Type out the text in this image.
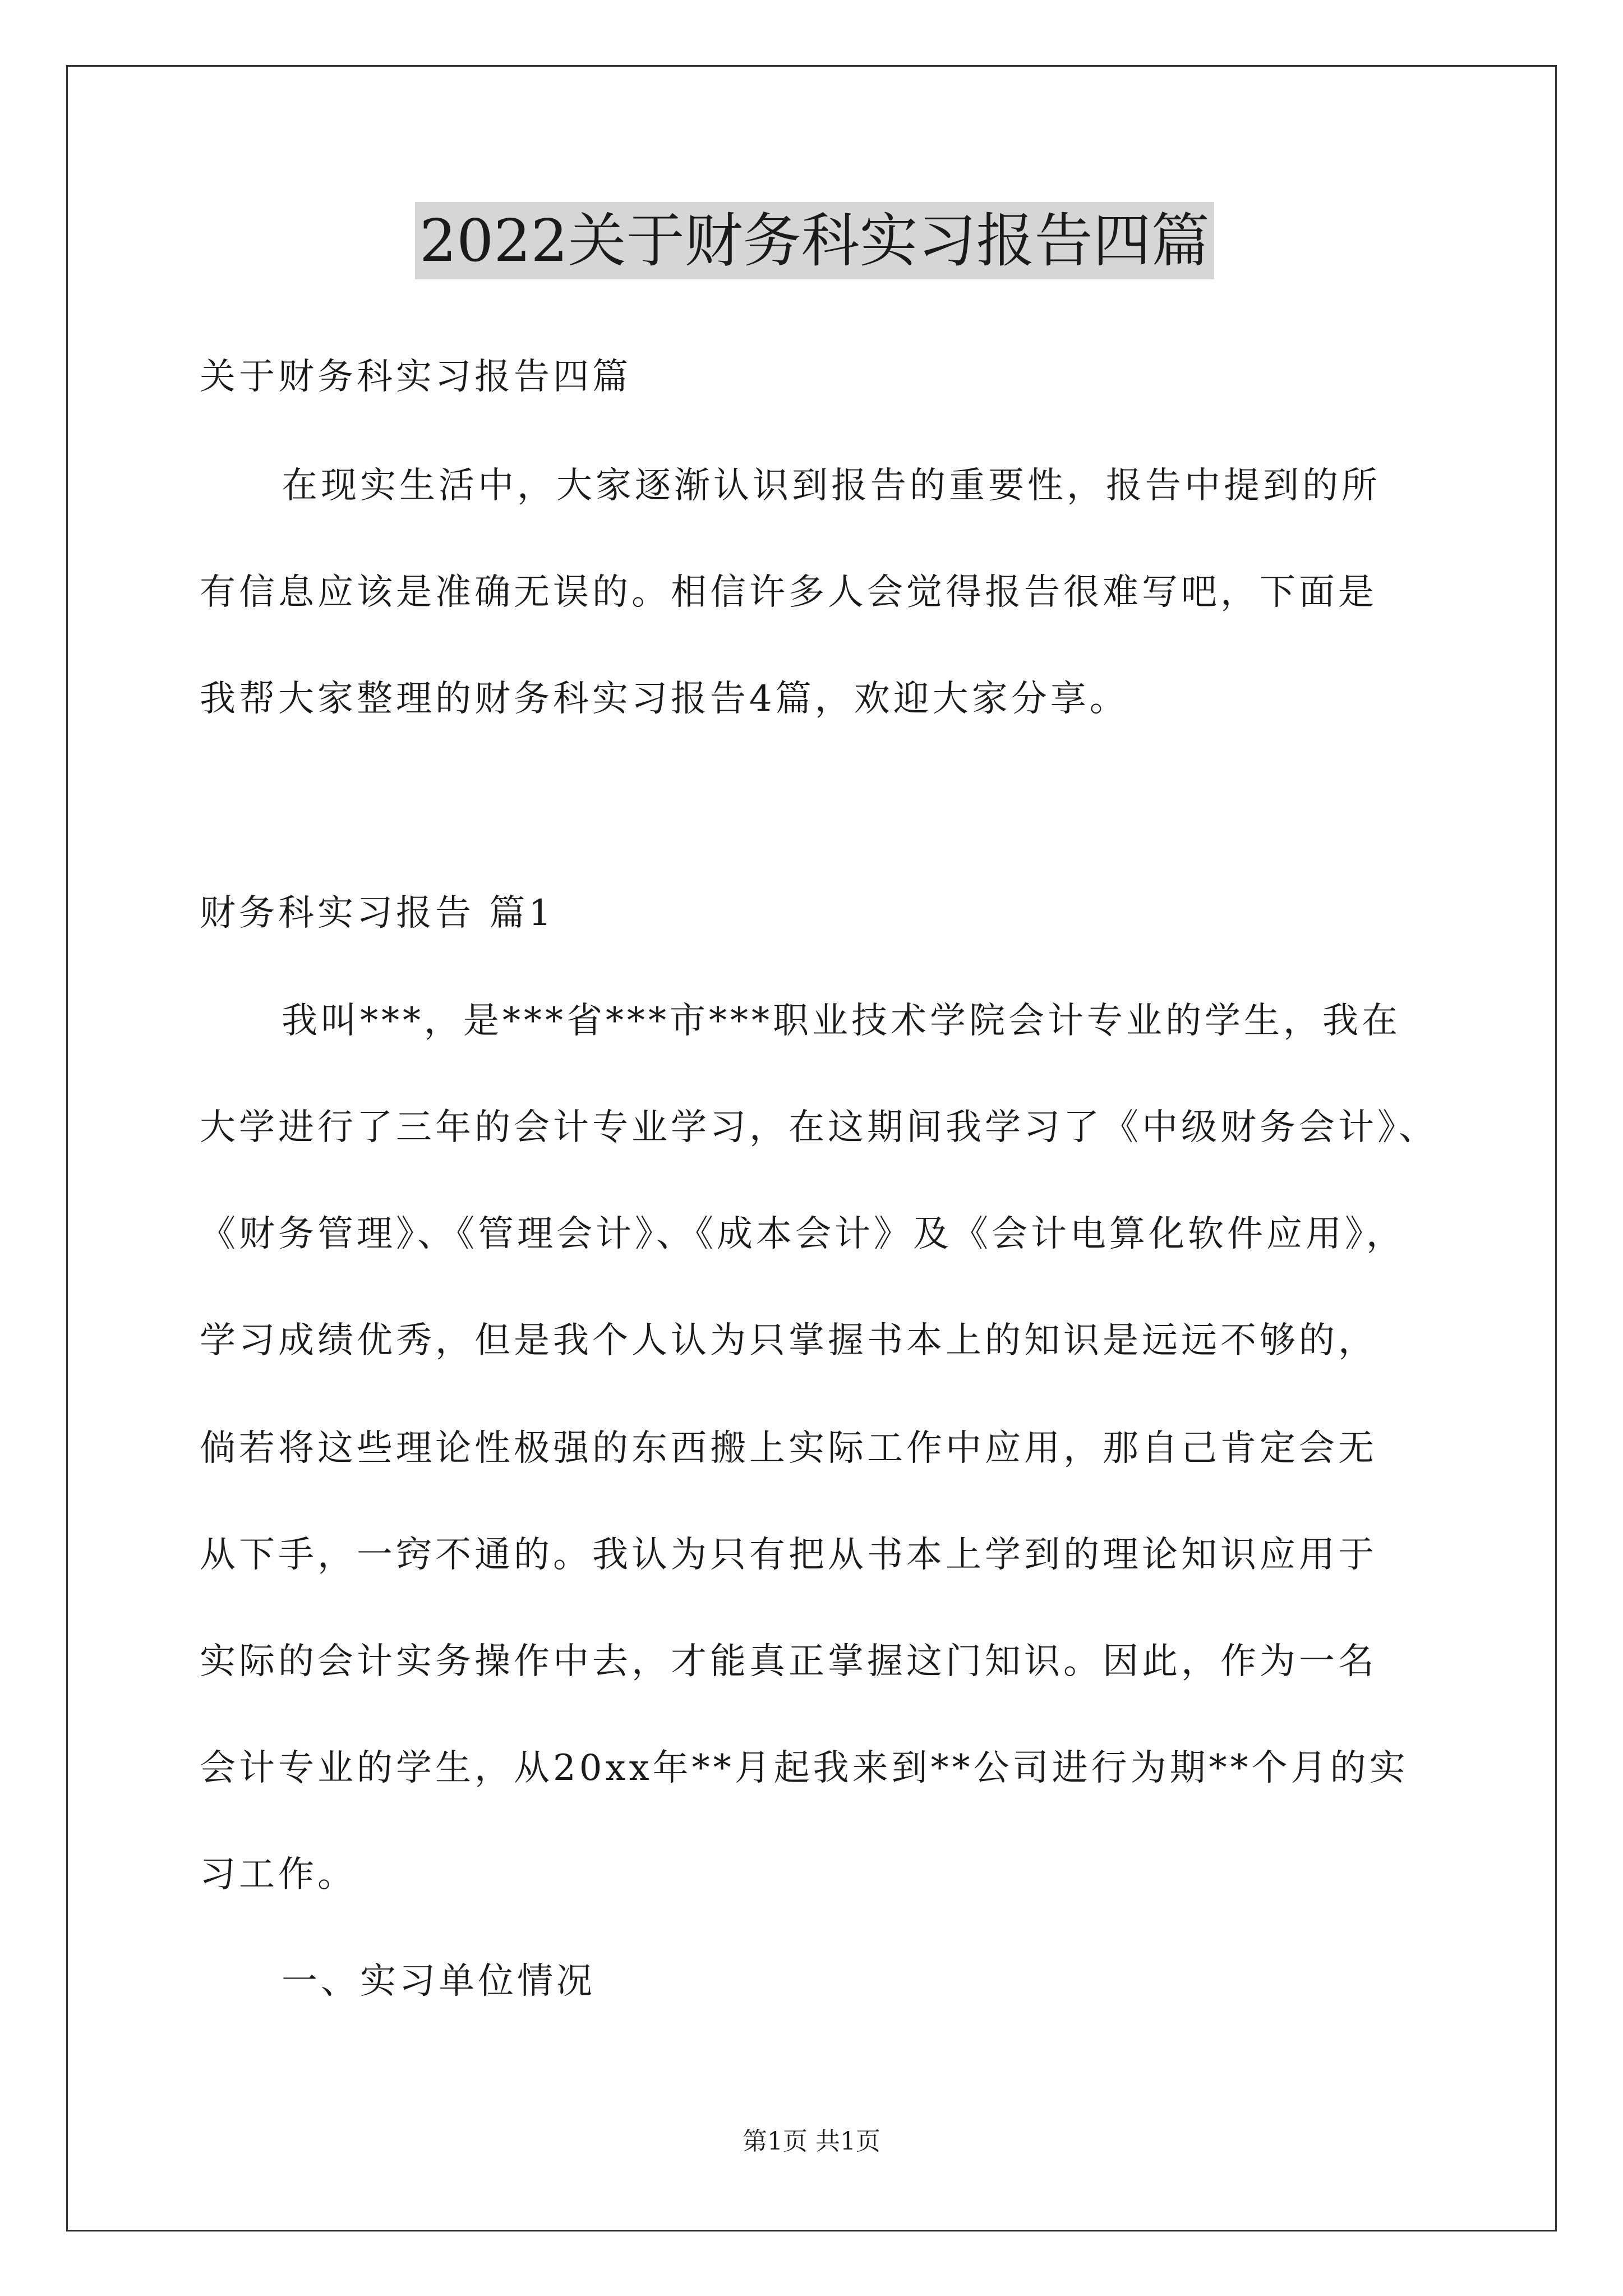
2022关于财务科实习报告四篇
关于财务科实习报告四篇
在现实生活中，大家逐渐认识到报告的重要性，报告中提到的所
有信息应该是准确无误的。相信许多人会觉得报告很难写吧，下面是
我帮大家整理的财务科实习报告4篇，欢迎大家分享。
财务科实习报告 篇1
我叫***，是***省***市***职业技术学院会计专业的学生，我在
大学进行了三年的会计专业学习，在这期间我学习了《中级财务会计》、
《财务管理》、《管理会计》、《成本会计》及《会计电算化软件应用》，
学习成绩优秀，但是我个人认为只掌握书本上的知识是远远不够的，
倘若将这些理论性极强的东西搬上实际工作中应用，那自己肯定会无
从下手，一窍不通的。我认为只有把从书本上学到的理论知识应用于
实际的会计实务操作中去，才能真正掌握这门知识。因此，作为一名
会计专业的学生，从20xx年**月起我来到**公司进行为期**个月的实
习工作。
一、实习单位情况
第1页 共1页
